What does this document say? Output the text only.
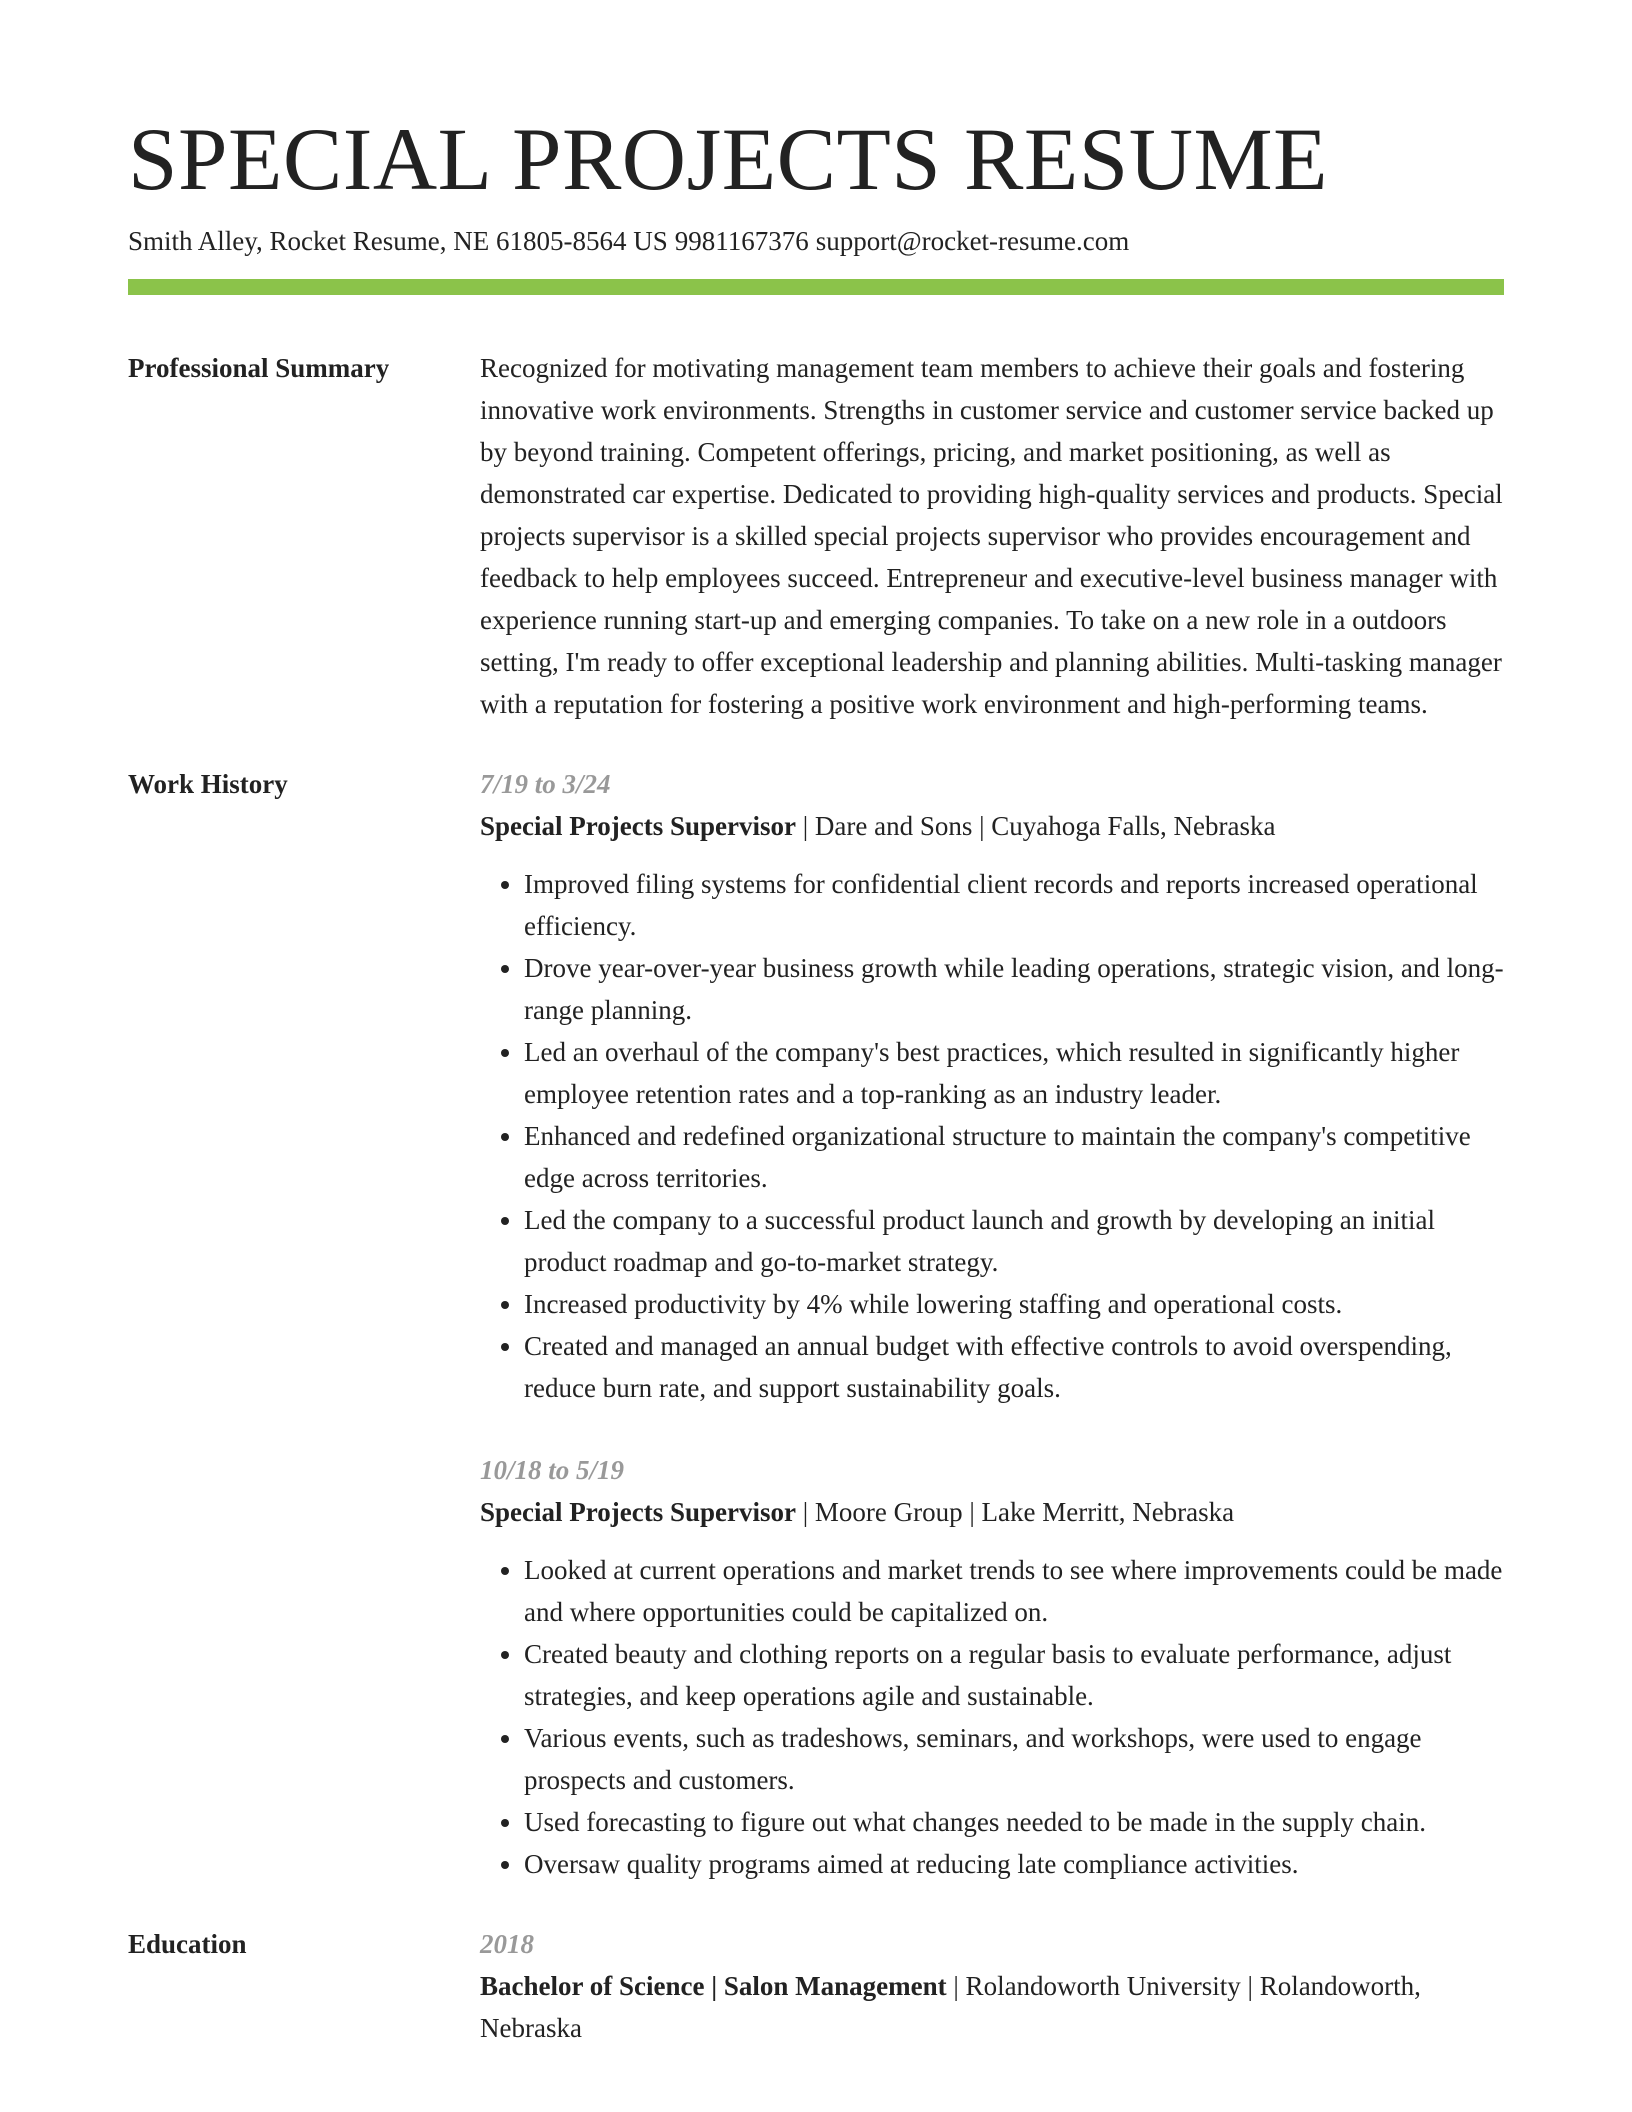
SPECIAL PROJECTS RESUME
Smith Alley, Rocket Resume, NE 61805-8564 US 9981167376 support@rocket-resume.com
Professional Summary	Recognized for motivating management team members to achieve their goals and fostering innovative work environments. Strengths in customer service and customer service backed up by beyond training. Competent offerings, pricing, and market positioning, as well as demonstrated car expertise. Dedicated to providing high-quality services and products. Special projects supervisor is a skilled special projects supervisor who provides encouragement and feedback to help employees succeed. Entrepreneur and executive-level business manager with experience running start-up and emerging companies. To take on a new role in a outdoors setting, I'm ready to offer exceptional leadership and planning abilities. Multi-tasking manager with a reputation for fostering a positive work environment and high-performing teams.

Work History	7/19 to 3/24
Special Projects Supervisor | Dare and Sons | Cuyahoga Falls, Nebraska
• Improved filing systems for confidential client records and reports increased operational efficiency.
• Drove year-over-year business growth while leading operations, strategic vision, and long-range planning.
• Led an overhaul of the company's best practices, which resulted in significantly higher employee retention rates and a top-ranking as an industry leader.
• Enhanced and redefined organizational structure to maintain the company's competitive edge across territories.
• Led the company to a successful product launch and growth by developing an initial product roadmap and go-to-market strategy.
• Increased productivity by 4% while lowering staffing and operational costs.
• Created and managed an annual budget with effective controls to avoid overspending, reduce burn rate, and support sustainability goals.
10/18 to 5/19
Special Projects Supervisor | Moore Group | Lake Merritt, Nebraska
• Looked at current operations and market trends to see where improvements could be made and where opportunities could be capitalized on.
• Created beauty and clothing reports on a regular basis to evaluate performance, adjust strategies, and keep operations agile and sustainable.
• Various events, such as tradeshows, seminars, and workshops, were used to engage prospects and customers.
• Used forecasting to figure out what changes needed to be made in the supply chain.
• Oversaw quality programs aimed at reducing late compliance activities.
Education	2018
Bachelor of Science | Salon Management | Rolandoworth University | Rolandoworth, Nebraska
